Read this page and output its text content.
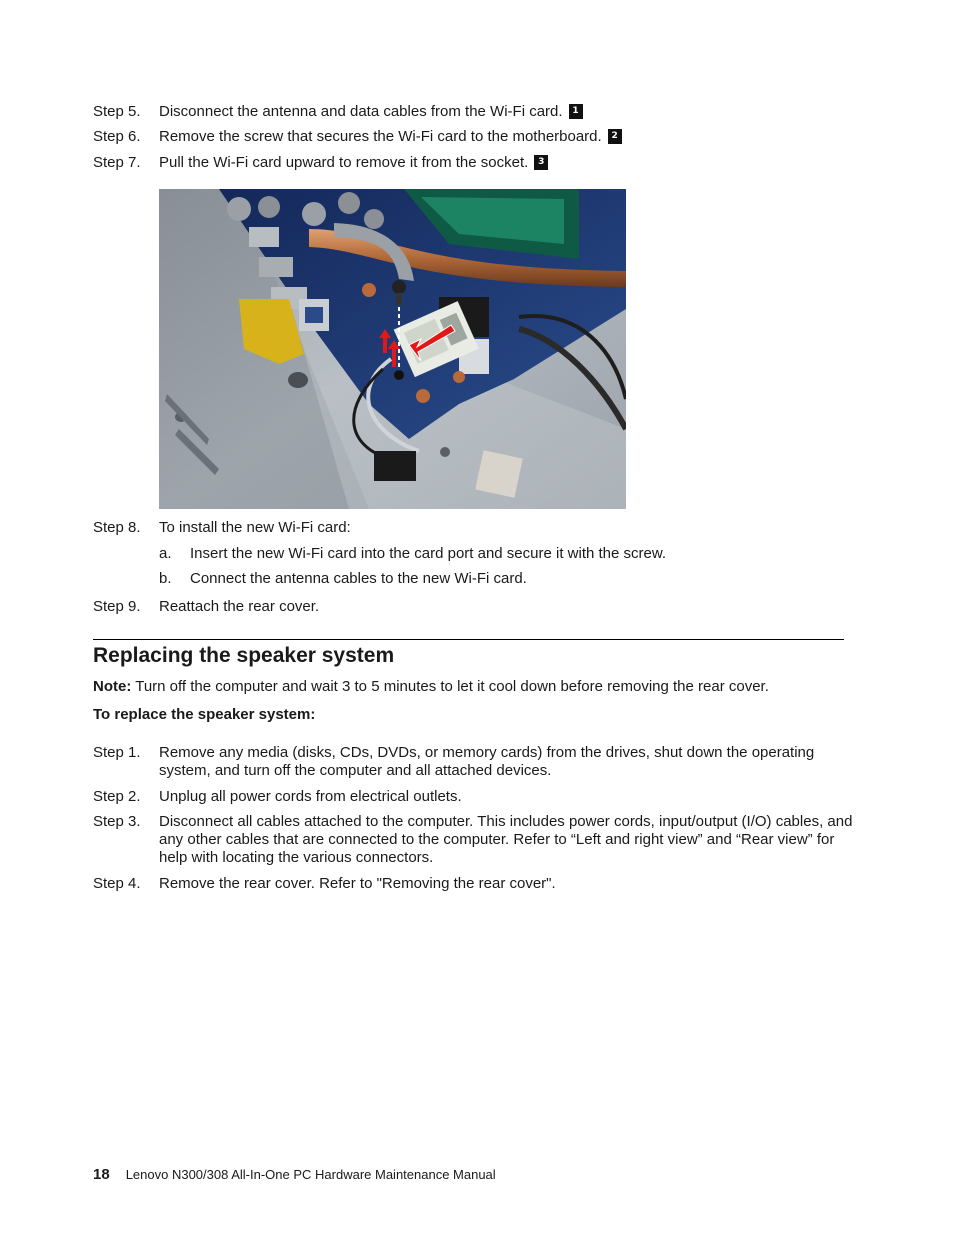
Step 5.	Disconnect the antenna and data cables from the Wi-Fi card. 1
Step 6.	Remove the screw that secures the Wi-Fi card to the motherboard. 2
Step 7.	Pull the Wi-Fi card upward to remove it from the socket. 3
Step 8.	To install the new Wi-Fi card:
a.	Insert the new Wi-Fi card into the card port and secure it with the screw.
b.	Connect the antenna cables to the new Wi-Fi card.
Step 9.	Reattach the rear cover.
Replacing the speaker system
Note: Turn off the computer and wait 3 to 5 minutes to let it cool down before removing the rear cover.
To replace the speaker system:
Step 1.	Remove any media (disks, CDs, DVDs, or memory cards) from the drives, shut down the operating system, and turn off the computer and all attached devices.
Step 2.	Unplug all power cords from electrical outlets.
Step 3.	Disconnect all cables attached to the computer. This includes power cords, input/output (I/O) cables, and any other cables that are connected to the computer. Refer to “Left and right view” and “Rear view” for help with locating the various connectors.
Step 4.	Remove the rear cover. Refer to "Removing the rear cover".
18 Lenovo N300/308 All-In-One PC Hardware Maintenance Manual
